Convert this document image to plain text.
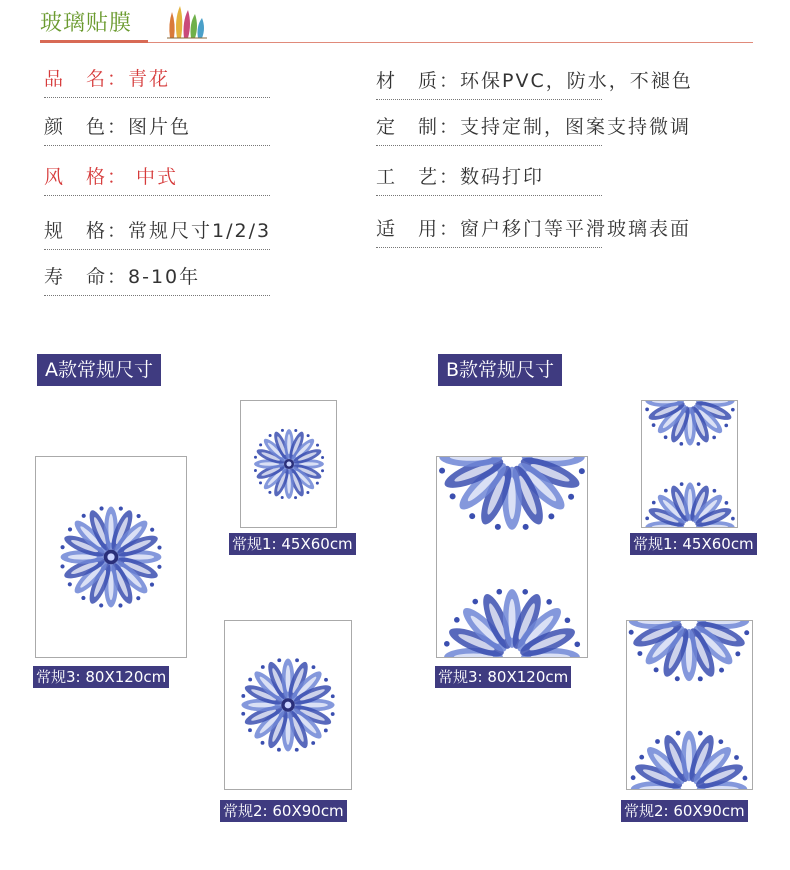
玻璃贴膜
品　名：青花
颜　色：图片色
风　格： 中式
规　格：常规尺寸1/2/3
寿　命：8-10年
材　质：环保PVC，防水，不褪色
定　制：支持定制，图案支持微调
工　艺：数码打印
适　用：窗户移门等平滑玻璃表面
A款常规尺寸
常规3: 80X120cm
常规1: 45X60cm
常规2: 60X90cm
B款常规尺寸
常规3: 80X120cm
常规1: 45X60cm
常规2: 60X90cm
